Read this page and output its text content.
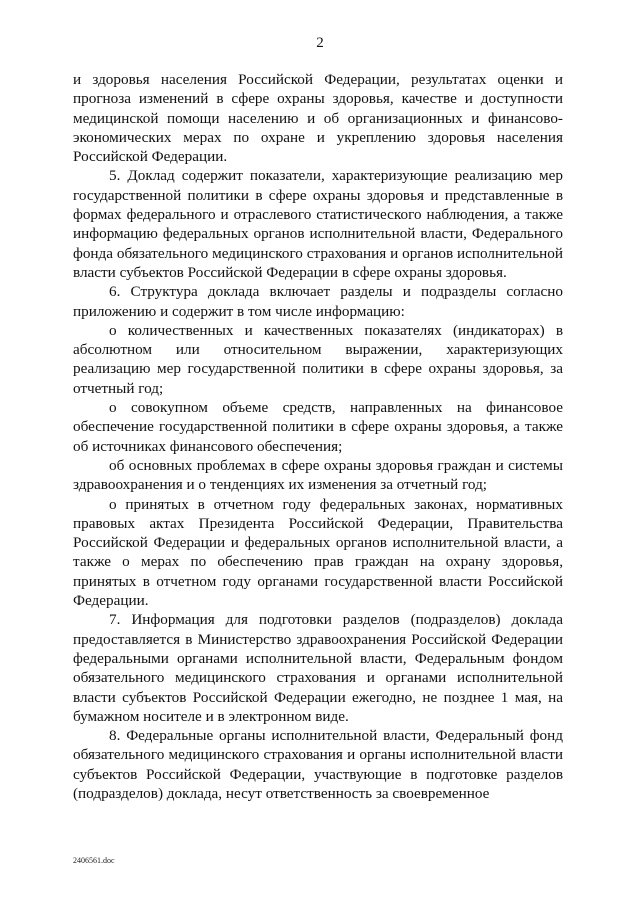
2

и здоровья населения Российской Федерации, результатах оценки и прогноза изменений в сфере охраны здоровья, качестве и доступности медицинской помощи населению и об организационных и финансово-экономических мерах по охране и укреплению здоровья населения Российской Федерации.

5. Доклад содержит показатели, характеризующие реализацию мер государственной политики в сфере охраны здоровья и представленные в формах федерального и отраслевого статистического наблюдения, а также информацию федеральных органов исполнительной власти, Федерального фонда обязательного медицинского страхования и органов исполнительной власти субъектов Российской Федерации в сфере охраны здоровья.

6. Структура доклада включает разделы и подразделы согласно приложению и содержит в том числе информацию:

о количественных и качественных показателях (индикаторах) в абсолютном или относительном выражении, характеризующих реализацию мер государственной политики в сфере охраны здоровья, за отчетный год;

о совокупном объеме средств, направленных на финансовое обеспечение государственной политики в сфере охраны здоровья, а также об источниках финансового обеспечения;

об основных проблемах в сфере охраны здоровья граждан и системы здравоохранения и о тенденциях их изменения за отчетный год;

о принятых в отчетном году федеральных законах, нормативных правовых актах Президента Российской Федерации, Правительства Российской Федерации и федеральных органов исполнительной власти, а также о мерах по обеспечению прав граждан на охрану здоровья, принятых в отчетном году органами государственной власти Российской Федерации.

7. Информация для подготовки разделов (подразделов) доклада предоставляется в Министерство здравоохранения Российской Федерации федеральными органами исполнительной власти, Федеральным фондом обязательного медицинского страхования и органами исполнительной власти субъектов Российской Федерации ежегодно, не позднее 1 мая, на бумажном носителе и в электронном виде.

8. Федеральные органы исполнительной власти, Федеральный фонд обязательного медицинского страхования и органы исполнительной власти субъектов Российской Федерации, участвующие в подготовке разделов (подразделов) доклада, несут ответственность за своевременное

2406561.doc
